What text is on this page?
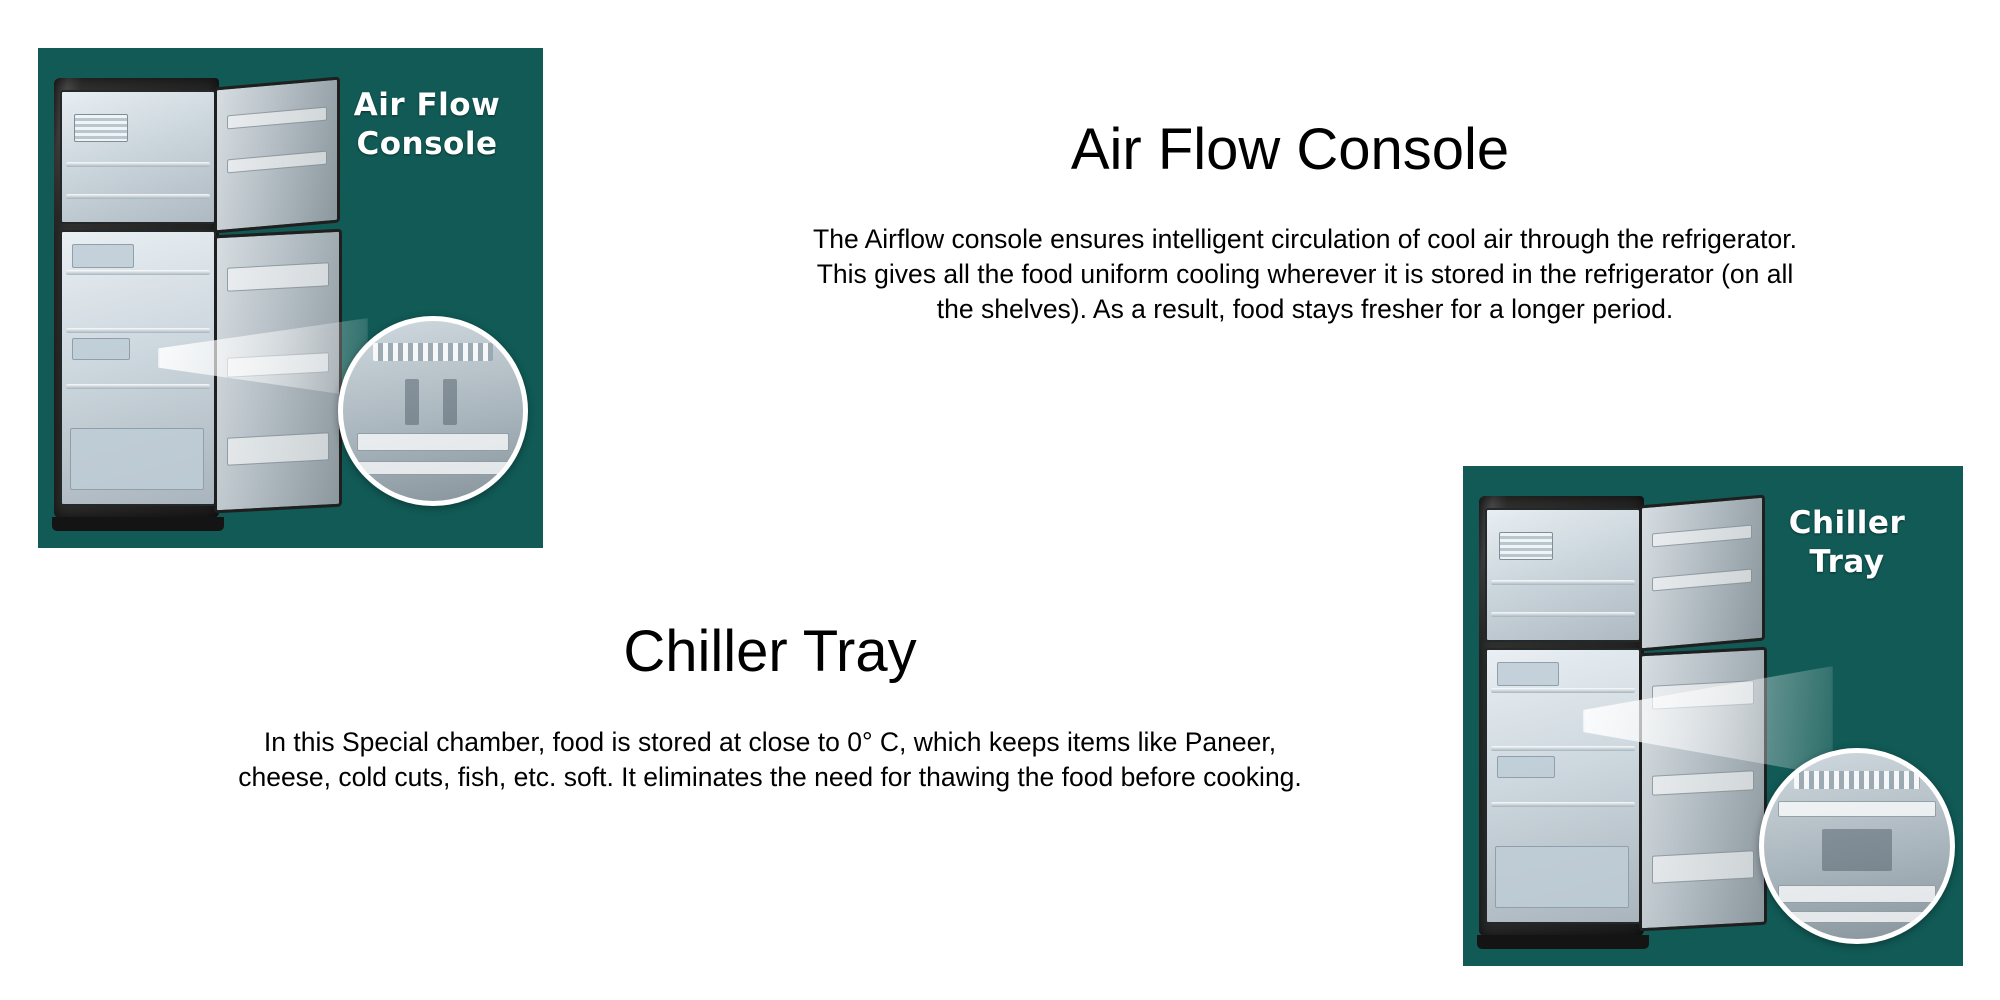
Air Flow
Console	Air Flow Console
The Airflow console ensures intelligent circulation of cool air through the refrigerator. This gives all the food uniform cooling wherever it is stored in the refrigerator (on all the shelves). As a result, food stays fresher for a longer period.
Chiller Tray
In this Special chamber, food is stored at close to 0° C, which keeps items like Paneer, cheese, cold cuts, fish, etc. soft. It eliminates the need for thawing the food before cooking.
Chiller
Tray
